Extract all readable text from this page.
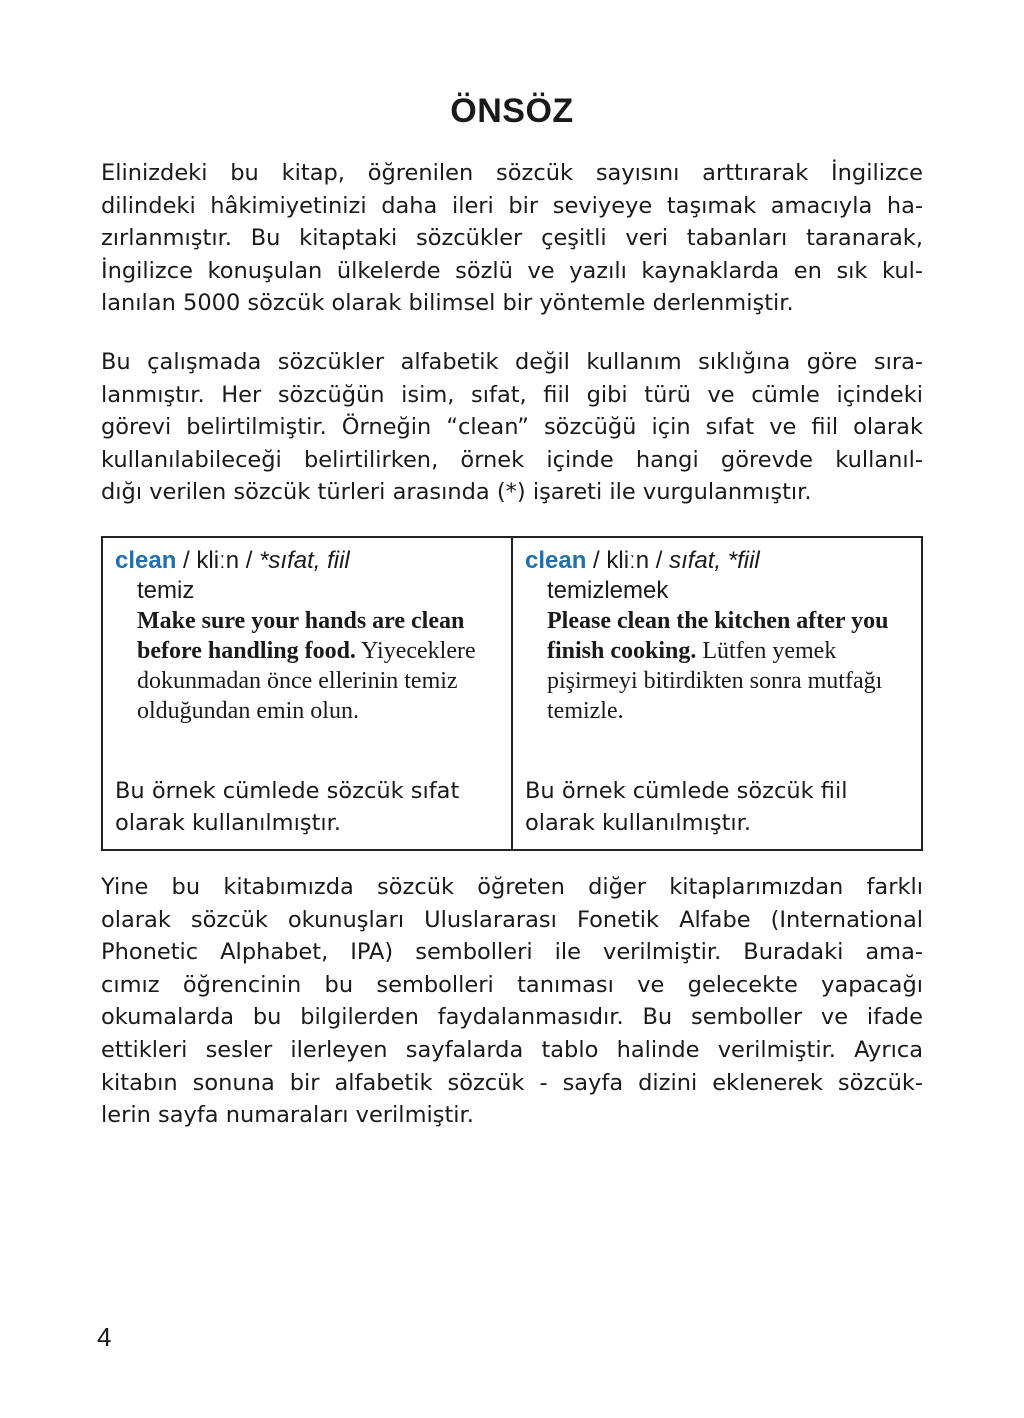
ÖNSÖZ

Elinizdeki bu kitap, öğrenilen sözcük sayısını arttırarak İngilizce
dilindeki hâkimiyetinizi daha ileri bir seviyeye taşımak amacıyla ha-
zırlanmıştır. Bu kitaptaki sözcükler çeşitli veri tabanları taranarak,
İngilizce konuşulan ülkelerde sözlü ve yazılı kaynaklarda en sık kul-
lanılan 5000 sözcük olarak bilimsel bir yöntemle derlenmiştir.

Bu çalışmada sözcükler alfabetik değil kullanım sıklığına göre sıra-
lanmıştır. Her sözcüğün isim, sıfat, fiil gibi türü ve cümle içindeki
görevi belirtilmiştir. Örneğin “clean” sözcüğü için sıfat ve fiil olarak
kullanılabileceği belirtilirken, örnek içinde hangi görevde kullanıl-
dığı verilen sözcük türleri arasında (*) işareti ile vurgulanmıştır.

clean / kliːn / *sıfat, fiil

temiz

Make sure your hands are clean before handling food. Yiyeceklere dokunmadan önce ellerinin temiz olduğundan emin olun.

Bu örnek cümlede sözcük sıfat olarak kullanılmıştır.

clean / kliːn / sıfat, *fiil

temizlemek

Please clean the kitchen after you finish cooking. Lütfen yemek pişirmeyi bitirdikten sonra mutfağı temizle.

Bu örnek cümlede sözcük fiil olarak kullanılmıştır.

Yine bu kitabımızda sözcük öğreten diğer kitaplarımızdan farklı
olarak sözcük okunuşları Uluslararası Fonetik Alfabe (International
Phonetic Alphabet, IPA) sembolleri ile verilmiştir. Buradaki ama-
cımız öğrencinin bu sembolleri tanıması ve gelecekte yapacağı
okumalarda bu bilgilerden faydalanmasıdır. Bu semboller ve ifade
ettikleri sesler ilerleyen sayfalarda tablo halinde verilmiştir. Ayrıca
kitabın sonuna bir alfabetik sözcük - sayfa dizini eklenerek sözcük-
lerin sayfa numaraları verilmiştir.

4
